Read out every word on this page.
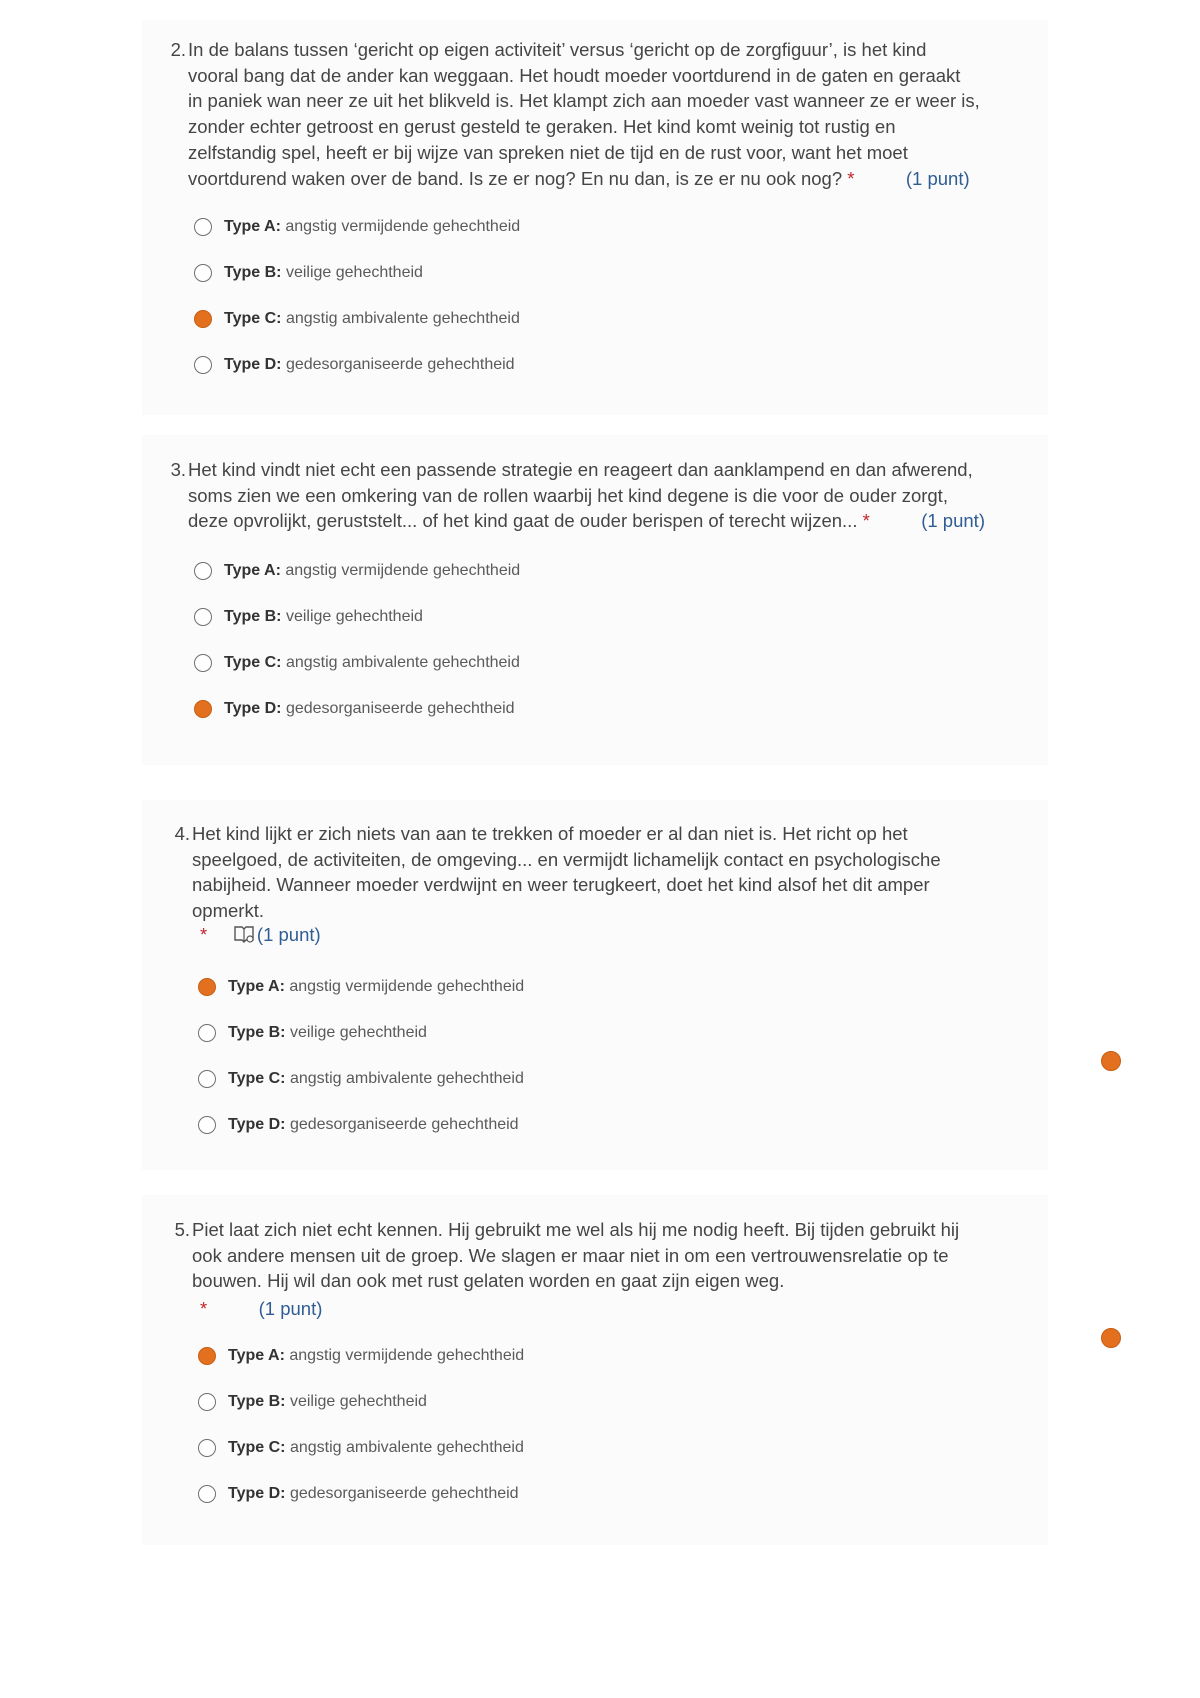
2. In de balans tussen ‘gericht op eigen activiteit’ versus ‘gericht op de zorgfiguur’, is het kind
vooral bang dat de ander kan weggaan. Het houdt moeder voortdurend in de gaten en geraakt
in paniek wan neer ze uit het blikveld is. Het klampt zich aan moeder vast wanneer ze er weer is,
zonder echter getroost en gerust gesteld te geraken. Het kind komt weinig tot rustig en
zelfstandig spel, heeft er bij wijze van spreken niet de tijd en de rust voor, want het moet
voortdurend waken over de band. Is ze er nog? En nu dan, is ze er nu ook nog? *	(1 punt)
Type A: angstig vermijdende gehechtheid
Type B: veilige gehechtheid
Type C: angstig ambivalente gehechtheid
Type D: gedesorganiseerde gehechtheid
3. Het kind vindt niet echt een passende strategie en reageert dan aanklampend en dan afwerend,
soms zien we een omkering van de rollen waarbij het kind degene is die voor de ouder zorgt,
deze opvrolijkt, geruststelt... of het kind gaat de ouder berispen of terecht wijzen... *	(1 punt)
Type A: angstig vermijdende gehechtheid
Type B: veilige gehechtheid
Type C: angstig ambivalente gehechtheid
Type D: gedesorganiseerde gehechtheid
4. Het kind lijkt er zich niets van aan te trekken of moeder er al dan niet is. Het richt op het
speelgoed, de activiteiten, de omgeving... en vermijdt lichamelijk contact en psychologische
nabijheid. Wanneer moeder verdwijnt en weer terugkeert, doet het kind alsof het dit amper
opmerkt.
*	(1 punt)
Type A: angstig vermijdende gehechtheid
Type B: veilige gehechtheid
Type C: angstig ambivalente gehechtheid
Type D: gedesorganiseerde gehechtheid
5. Piet laat zich niet echt kennen. Hij gebruikt me wel als hij me nodig heeft. Bij tijden gebruikt hij
ook andere mensen uit de groep. We slagen er maar niet in om een vertrouwensrelatie op te
bouwen. Hij wil dan ook met rust gelaten worden en gaat zijn eigen weg.
*	(1 punt)
Type A: angstig vermijdende gehechtheid
Type B: veilige gehechtheid
Type C: angstig ambivalente gehechtheid
Type D: gedesorganiseerde gehechtheid
